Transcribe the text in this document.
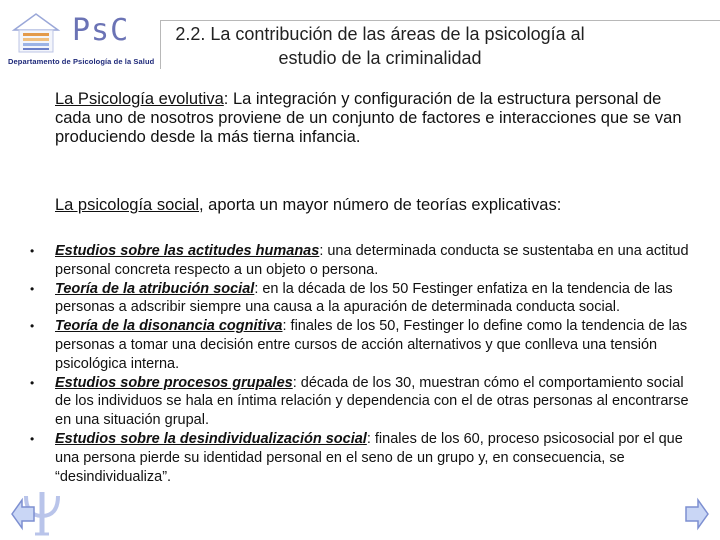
PsC
Departamento de Psicología de la Salud
2.2. La contribución de las áreas de la psicología al estudio de la criminalidad
La Psicología evolutiva: La integración y configuración de la estructura personal de cada uno de nosotros proviene de un conjunto de factores e interacciones que se van produciendo desde la más tierna infancia.
La psicología social, aporta un mayor número de teorías explicativas:
• Estudios sobre las actitudes humanas: una determinada conducta se sustentaba en una actitud personal concreta respecto a un objeto o persona.
• Teoría de la atribución social: en la década de los 50 Festinger enfatiza en la tendencia de las personas a adscribir siempre una causa a la apuración de determinada conducta social.
• Teoría de la disonancia cognitiva: finales de los 50, Festinger lo define como la tendencia de las personas a tomar una decisión entre cursos de acción alternativos y que conlleva una tensión psicológica interna.
• Estudios sobre procesos grupales: década de los 30, muestran cómo el comportamiento social de los individuos se hala en íntima relación y dependencia con el de otras personas al encontrarse en una situación grupal.
• Estudios sobre la desindividualización social: finales de los 60, proceso psicosocial por el que una persona pierde su identidad personal en el seno de un grupo y, en consecuencia, se “desindividualiza”.
